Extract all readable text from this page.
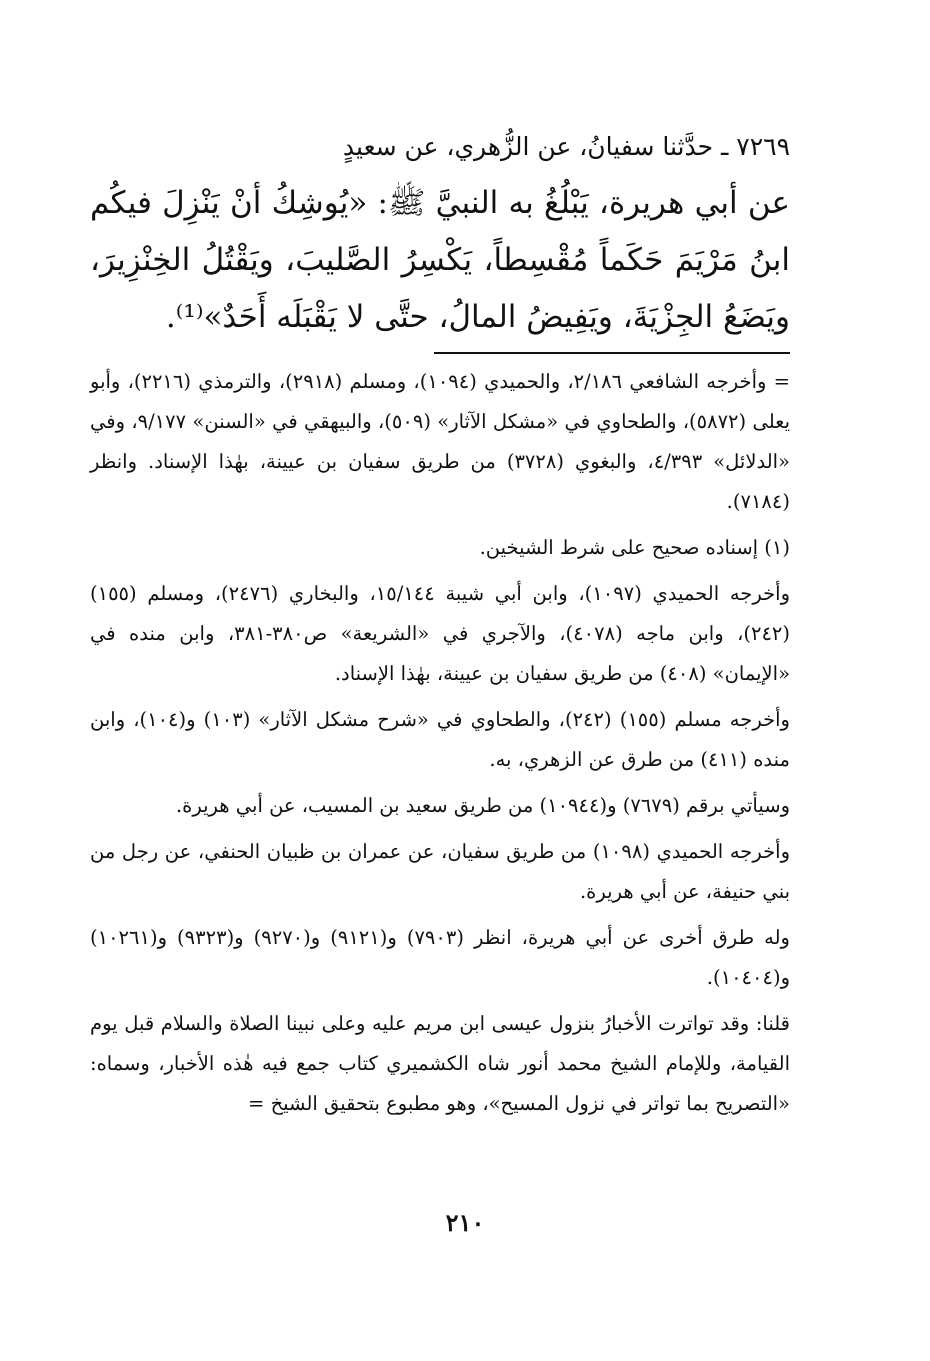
٧٢٦٩ ـ حدَّثنا سفيانُ، عن الزُّهري، عن سعيدٍ

عن أبي هريرة، يَبْلُغُ به النبيَّ ﷺ: «يُوشِكُ أنْ يَنْزِلَ فيكُم ابنُ مَرْيَمَ حَكَماً مُقْسِطاً، يَكْسِرُ الصَّليبَ، ويَقْتُلُ الخِنْزِيرَ، ويَضَعُ الجِزْيَةَ، ويَفِيضُ المالُ، حتَّى لا يَقْبَلَه أَحَدٌ»⁽¹⁾.

= وأخرجه الشافعي ٢/١٨٦، والحميدي (١٠٩٤)، ومسلم (٢٩١٨)، والترمذي (٢٢١٦)، وأبو يعلى (٥٨٧٢)، والطحاوي في «مشكل الآثار» (٥٠٩)، والبيهقي في «السنن» ٩/١٧٧، وفي «الدلائل» ٤/٣٩٣، والبغوي (٣٧٢٨) من طريق سفيان بن عيينة، بهٰذا الإسناد. وانظر (٧١٨٤).

(١) إسناده صحيح على شرط الشيخين.

وأخرجه الحميدي (١٠٩٧)، وابن أبي شيبة ١٥/١٤٤، والبخاري (٢٤٧٦)، ومسلم (١٥٥) (٢٤٢)، وابن ماجه (٤٠٧٨)، والآجري في «الشريعة» ص٣٨٠-٣٨١، وابن منده في «الإيمان» (٤٠٨) من طريق سفيان بن عيينة، بهٰذا الإسناد.

وأخرجه مسلم (١٥٥) (٢٤٢)، والطحاوي في «شرح مشكل الآثار» (١٠٣) و(١٠٤)، وابن منده (٤١١) من طرق عن الزهري، به.

وسيأتي برقم (٧٦٧٩) و(١٠٩٤٤) من طريق سعيد بن المسيب، عن أبي هريرة.

وأخرجه الحميدي (١٠٩٨) من طريق سفيان، عن عمران بن ظبيان الحنفي، عن رجل من بني حنيفة، عن أبي هريرة.

وله طرق أخرى عن أبي هريرة، انظر (٧٩٠٣) و(٩١٢١) و(٩٢٧٠) و(٩٣٢٣) و(١٠٢٦١) و(١٠٤٠٤).

قلنا: وقد تواترت الأخبارُ بنزول عيسى ابن مريم عليه وعلى نبينا الصلاة والسلام قبل يوم القيامة، وللإمام الشيخ محمد أنور شاه الكشميري كتاب جمع فيه هٰذه الأخبار، وسماه: «التصريح بما تواتر في نزول المسيح»، وهو مطبوع بتحقيق الشيخ =

٢١٠
